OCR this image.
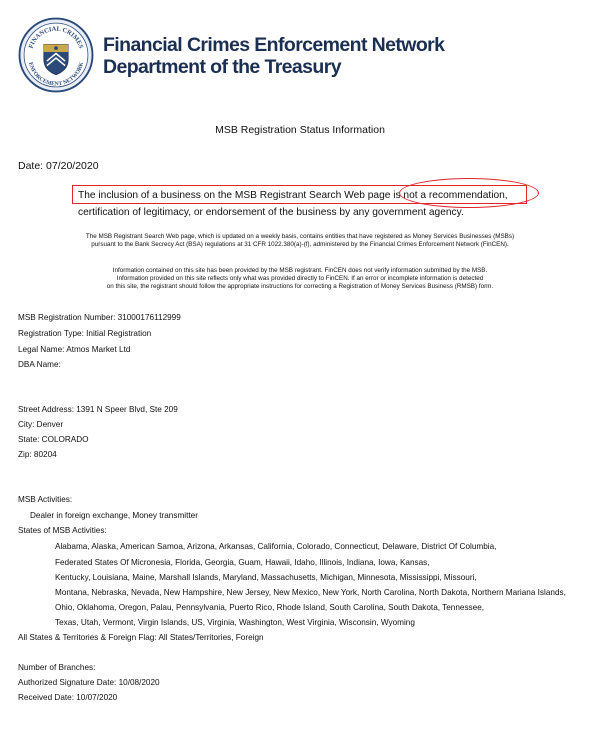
FINANCIAL CRIMES
ENFORCEMENT NETWORK
Financial Crimes Enforcement Network
Department of the Treasury
MSB Registration Status Information
Date: 07/20/2020
The inclusion of a business on the MSB Registrant Search Web page is not a recommendation,
certification of legitimacy, or endorsement of the business by any government agency.
The MSB Registrant Search Web page, which is updated on a weekly basis, contains entities that have registered as Money Services Businesses (MSBs)
pursuant to the Bank Secrecy Act (BSA) regulations at 31 CFR 1022.380(a)-(f), administered by the Financial Crimes Enforcement Network (FinCEN).
Information contained on this site has been provided by the MSB registrant. FinCEN does not verify information submitted by the MSB.
Information provided on this site reflects only what was provided directly to FinCEN. If an error or incomplete information is detected
on this site, the registrant should follow the appropriate instructions for correcting a Registration of Money Services Business (RMSB) form.
MSB Registration Number: 31000176112999
Registration Type: Initial Registration
Legal Name: Atmos Market Ltd
DBA Name:
Street Address: 1391 N Speer Blvd, Ste 209
City: Denver
State: COLORADO
Zip: 80204
MSB Activities:
Dealer in foreign exchange, Money transmitter
States of MSB Activities:
Alabama, Alaska, American Samoa, Arizona, Arkansas, California, Colorado, Connecticut, Delaware, District Of Columbia,
Federated States Of Micronesia, Florida, Georgia, Guam, Hawaii, Idaho, Illinois, Indiana, Iowa, Kansas,
Kentucky, Louisiana, Maine, Marshall Islands, Maryland, Massachusetts, Michigan, Minnesota, Mississippi, Missouri,
Montana, Nebraska, Nevada, New Hampshire, New Jersey, New Mexico, New York, North Carolina, North Dakota, Northern Mariana Islands,
Ohio, Oklahoma, Oregon, Palau, Pennsylvania, Puerto Rico, Rhode Island, South Carolina, South Dakota, Tennessee,
Texas, Utah, Vermont, Virgin Islands, US, Virginia, Washington, West Virginia, Wisconsin, Wyoming
All States & Territories & Foreign Flag: All States/Territories, Foreign
Number of Branches:
Authorized Signature Date: 10/08/2020
Received Date: 10/07/2020
